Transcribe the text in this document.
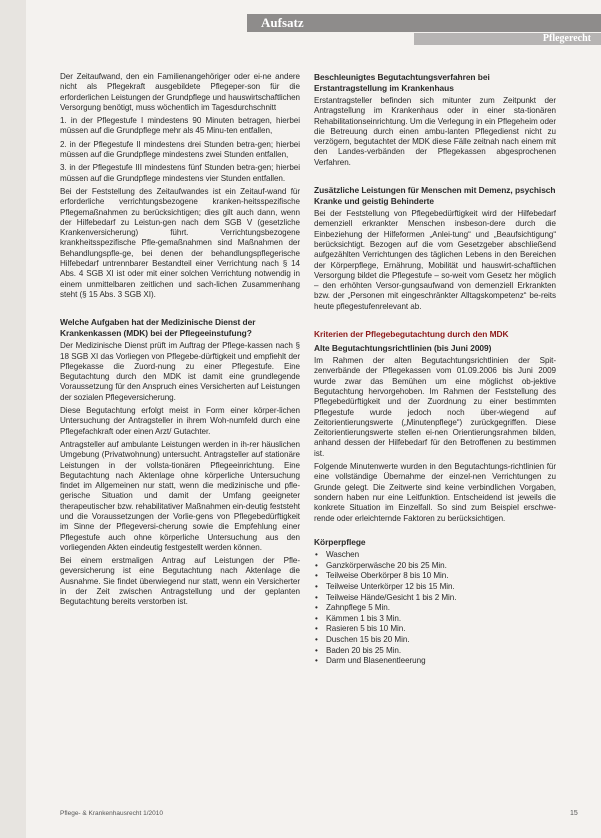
Aufsatz
Pflegerecht

Der Zeitaufwand, den ein Familienangehöriger oder ei-ne andere nicht als Pflegekraft ausgebildete Pflegeper-son für die erforderlichen Leistungen der Grundpflege und hauswirtschaftlichen Versorgung benötigt, muss wöchentlich im Tagesdurchschnitt

1. in der Pflegestufe I mindestens 90 Minuten betragen, hierbei müssen auf die Grundpflege mehr als 45 Minu-ten entfallen,

2. in der Pflegestufe II mindestens drei Stunden betra-gen; hierbei müssen auf die Grundpflege mindestens zwei Stunden entfallen,

3. in der Pflegestufe III mindestens fünf Stunden betra-gen; hierbei müssen auf die Grundpflege mindestens vier Stunden entfallen.

Bei der Feststellung des Zeitaufwandes ist ein Zeitauf-wand für erforderliche verrichtungsbezogene kranken-heitsspezifische Pflegemaßnahmen zu berücksichtigen; dies gilt auch dann, wenn der Hilfebedarf zu Leistun-gen nach dem SGB V (gesetzliche Krankenversicherung) führt. Verrichtungsbezogene krankheitsspezifische Pfle-gemaßnahmen sind Maßnahmen der Behandlungspfle-ge, bei denen der behandlungspflegerische Hilfebedarf untrennbarer Bestandteil einer Verrichtung nach § 14 Abs. 4 SGB XI ist oder mit einer solchen Verrichtung notwendig in einem unmittelbaren zeitlichen und sach-lichen Zusammenhang steht (§ 15 Abs. 3 SGB XI).

Welche Aufgaben hat der Medizinische Dienst der Krankenkassen (MDK) bei der Pflegeeinstufung?

Der Medizinische Dienst prüft im Auftrag der Pflege-kassen nach § 18 SGB XI das Vorliegen von Pflegebe-dürftigkeit und empfiehlt der Pflegekasse die Zuord-nung zu einer Pflegestufe. Eine Begutachtung durch den MDK ist damit eine grundlegende Voraussetzung für den Anspruch eines Versicherten auf Leistungen der sozialen Pflegeversicherung.

Diese Begutachtung erfolgt meist in Form einer körper-lichen Untersuchung der Antragsteller in ihrem Woh-numfeld durch eine Pflegefachkraft oder einen Arzt/ Gutachter.

Antragsteller auf ambulante Leistungen werden in ih-rer häuslichen Umgebung (Privatwohnung) untersucht. Antragsteller auf stationäre Leistungen in der vollsta-tionären Pflegeeinrichtung. Eine Begutachtung nach Aktenlage ohne körperliche Untersuchung findet im Allgemeinen nur statt, wenn die medizinische und pfle-gerische Situation und damit der Umfang geeigneter therapeutischer bzw. rehabilitativer Maßnahmen ein-deutig feststeht und die Voraussetzungen der Vorlie-gens von Pflegebedürftigkeit im Sinne der Pflegeversi-cherung sowie die Empfehlung einer Pflegestufe auch ohne körperliche Untersuchung aus den vorliegenden Akten eindeutig festgestellt werden können.

Bei einem erstmaligen Antrag auf Leistungen der Pfle-geversicherung ist eine Begutachtung nach Aktenlage die Ausnahme. Sie findet überwiegend nur statt, wenn ein Versicherter in der Zeit zwischen Antragstellung und der geplanten Begutachtung bereits verstorben ist.

Beschleunigtes Begutachtungsverfahren bei Erstantragstellung im Krankenhaus

Erstantragsteller befinden sich mitunter zum Zeitpunkt der Antragstellung im Krankenhaus oder in einer sta-tionären Rehabilitationseinrichtung. Um die Verlegung in ein Pflegeheim oder die Betreuung durch einen ambu-lanten Pflegedienst nicht zu verzögern, begutachtet der MDK diese Fälle zeitnah nach einem mit den Landes-verbänden der Pflegekassen abgesprochenen Verfahren.

Zusätzliche Leistungen für Menschen mit Demenz, psychisch Kranke und geistig Behinderte

Bei der Feststellung von Pflegebedürftigkeit wird der Hilfebedarf demenziell erkrankter Menschen insbeson-dere durch die Einbeziehung der Hilfeformen „Anlei-tung“ und „Beaufsichtigung“ berücksichtigt. Bezogen auf die vom Gesetzgeber abschließend aufgezählten Verrichtungen des täglichen Lebens in den Bereichen der Körperpflege, Ernährung, Mobilität und hauswirt-schaftlichen Versorgung bildet die Pflegestufe – so-weit vom Gesetz her möglich – den erhöhten Versor-gungsaufwand von demenziell Erkrankten bzw. der „Personen mit eingeschränkter Alltagskompetenz“ be-reits heute pflegestufenrelevant ab.

Kriterien der Pflegebegutachtung durch den MDK
Alte Begutachtungsrichtlinien (bis Juni 2009)

Im Rahmen der alten Begutachtungsrichtlinien der Spit-zenverbände der Pflegekassen vom 01.09.2006 bis Juni 2009 wurde zwar das Bemühen um eine möglichst ob-jektive Begutachtung hervorgehoben. Im Rahmen der Feststellung des Pflegebedürftigkeit und der Zuordnung zu einer bestimmten Pflegestufe wurde jedoch noch über-wiegend auf Zeitorientierungswerte („Minutenpflege“) zurückgegriffen. Diese Zeitorientierungswerte stellen ei-nen Orientierungsrahmen bilden, anhand dessen der Hilfebedarf für den Betroffenen zu bestimmen ist.

Folgende Minutenwerte wurden in den Begutachtungs-richtlinien für eine vollständige Übernahme der einzel-nen Verrichtungen zu Grunde gelegt. Die Zeitwerte sind keine verbindlichen Vorgaben, sondern haben nur eine Leitfunktion. Entscheidend ist jeweils die konkrete Situation im Einzelfall. So sind zum Beispiel erschwe-rende oder erleichternde Faktoren zu berücksichtigen.

Körperpflege
• Waschen
• Ganzkörperwäsche 20 bis 25 Min.
• Teilweise Oberkörper 8 bis 10 Min.
• Teilweise Unterkörper 12 bis 15 Min.
• Teilweise Hände/Gesicht 1 bis 2 Min.
• Zahnpflege 5 Min.
• Kämmen 1 bis 3 Min.
• Rasieren 5 bis 10 Min.
• Duschen 15 bis 20 Min.
• Baden 20 bis 25 Min.
• Darm und Blasenentleerung
Pflege- & Krankenhausrecht 1/2010	15
